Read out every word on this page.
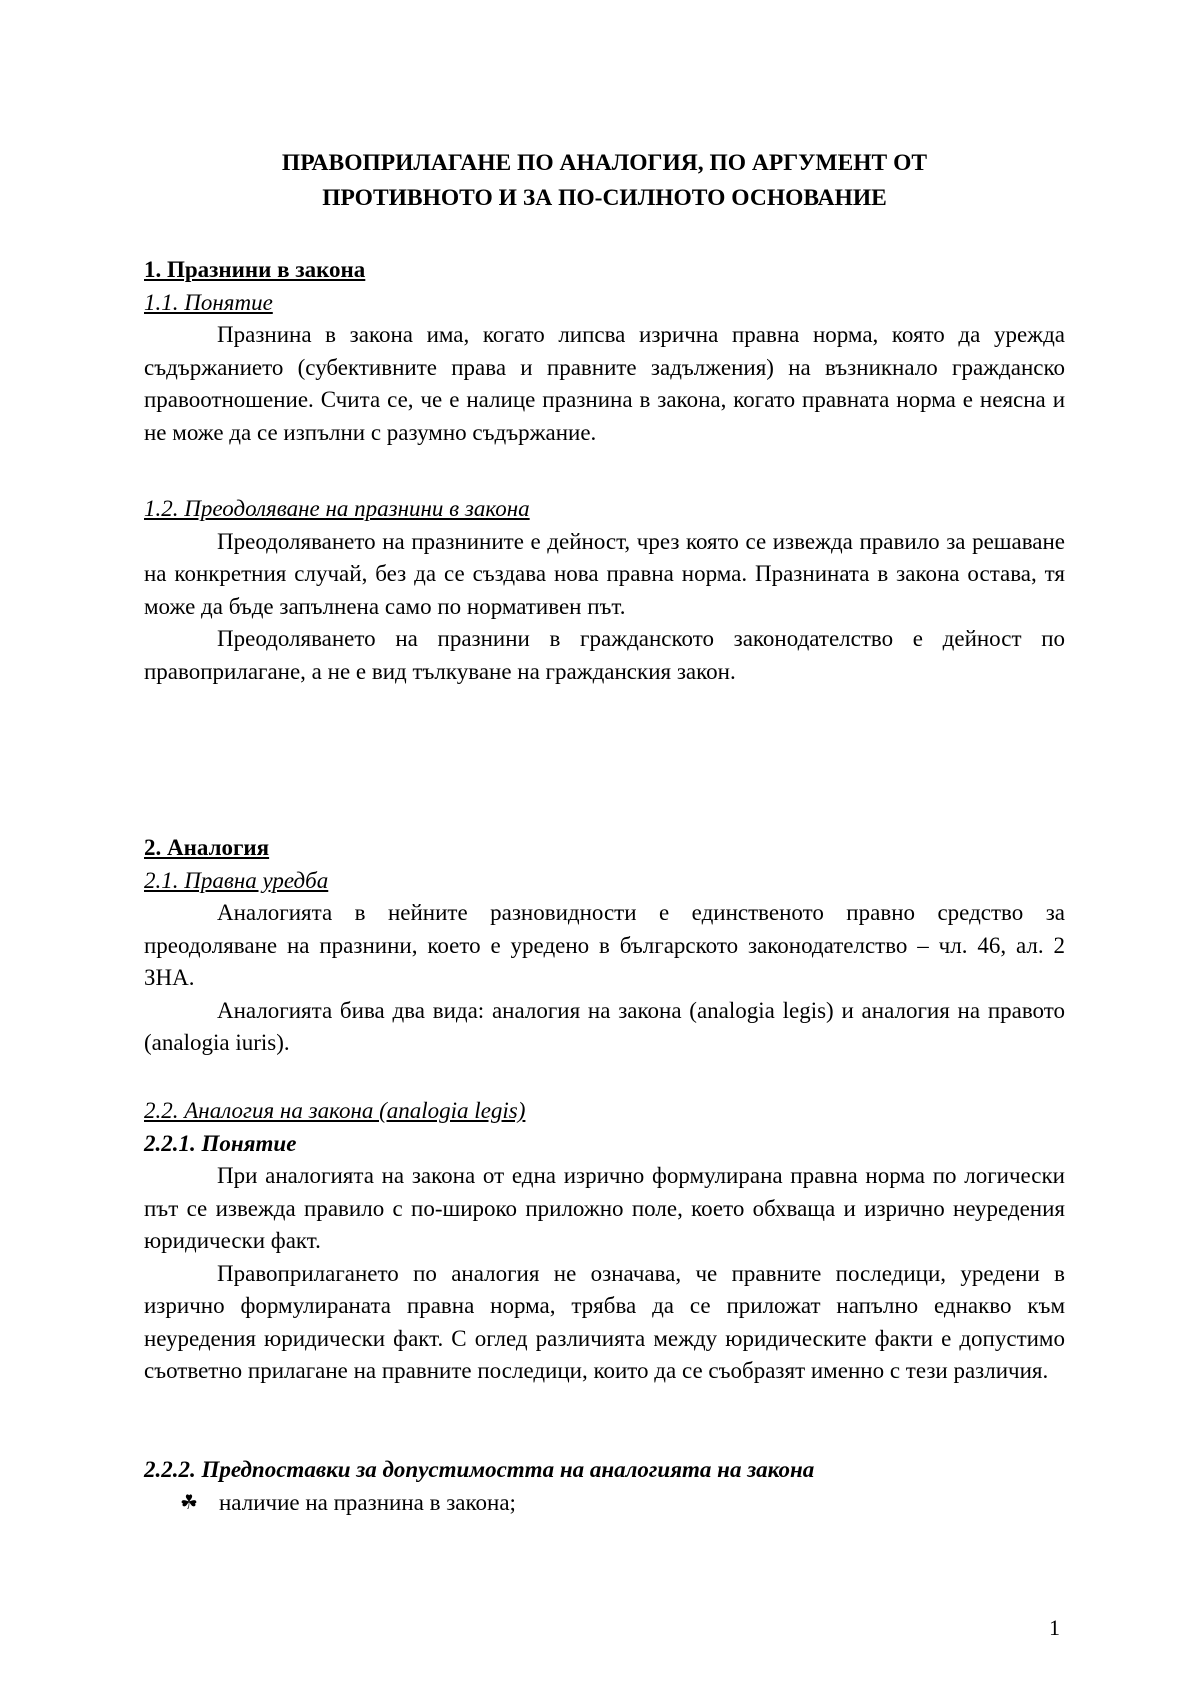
ПРАВОПРИЛАГАНЕ ПО АНАЛОГИЯ, ПО АРГУМЕНТ ОТ
ПРОТИВНОТО И ЗА ПО-СИЛНОТО ОСНОВАНИЕ
1. Празнини в закона
1.1. Понятие

Празнина в закона има, когато липсва изрична правна норма, която да урежда съдържанието (субективните права и правните задължения) на възникнало гражданско правоотношение. Счита се, че е налице празнина в закона, когато правната норма е неясна и не може да се изпълни с разумно съдържание.

1.2. Преодоляване на празнини в закона

Преодоляването на празнините е дейност, чрез която се извежда правило за решаване на конкретния случай, без да се създава нова правна норма. Празнината в закона остава, тя може да бъде запълнена само по нормативен път.

Преодоляването на празнини в гражданското законодателство е дейност по правоприлагане, а не е вид тълкуване на гражданския закон.

2. Аналогия
2.1. Правна уредба

Аналогията в нейните разновидности е единственото правно средство за преодоляване на празнини, което е уредено в българското законодателство – чл. 46, ал. 2 ЗНА.

Аналогията бива два вида: аналогия на закона (analogia legis) и аналогия на правото (analogia iuris).

2.2. Аналогия на закона (analogia legis)
2.2.1. Понятие

При аналогията на закона от една изрично формулирана правна норма по логически път се извежда правило с по-широко приложно поле, което обхваща и изрично неуредения юридически факт.

Правоприлагането по аналогия не означава, че правните последици, уредени в изрично формулираната правна норма, трябва да се приложат напълно еднакво към неуредения юридически факт. С оглед различията между юридическите факти е допустимо съответно прилагане на правните последици, които да се съобразят именно с тези различия.

2.2.2. Предпоставки за допустимостта на аналогията на закона
☘ наличие на празнина в закона;
1
